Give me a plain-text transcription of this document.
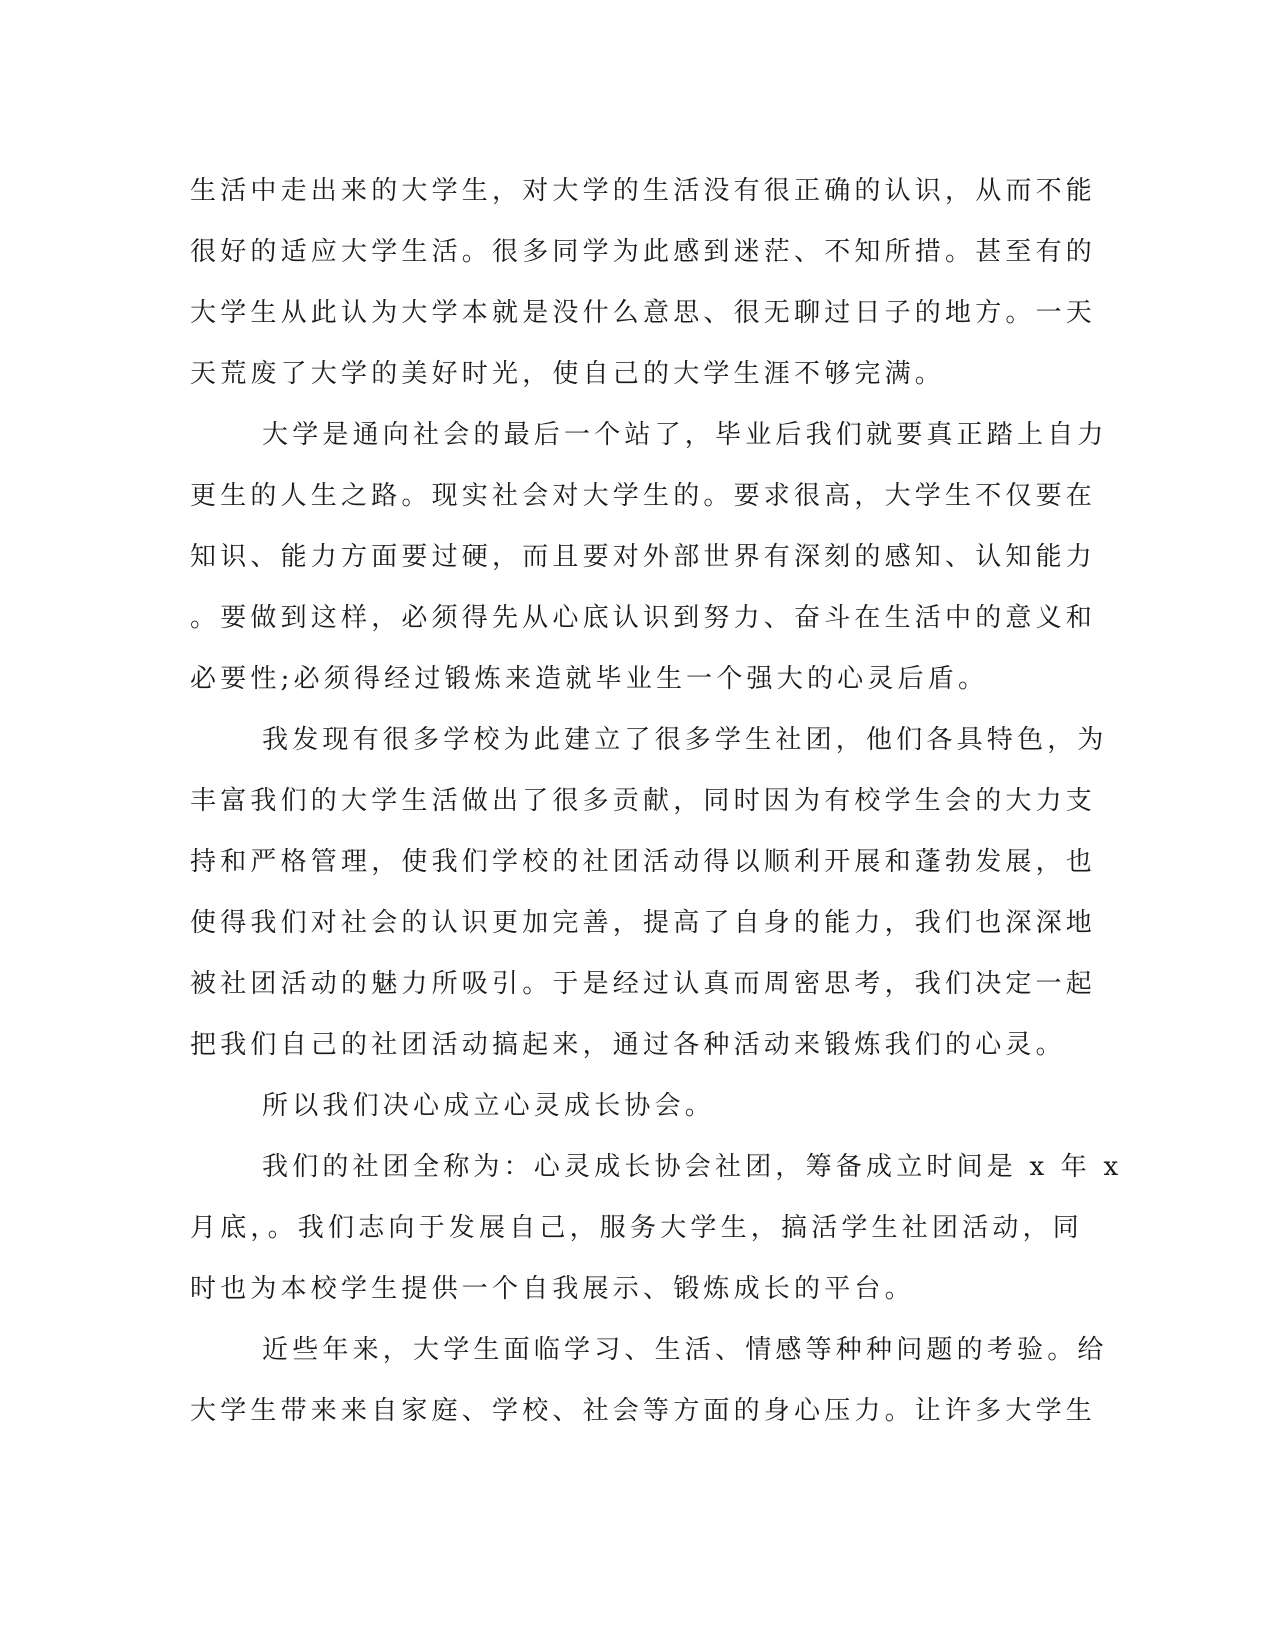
生活中走出来的大学生，对大学的生活没有很正确的认识，从而不能
很好的适应大学生活。很多同学为此感到迷茫、不知所措。甚至有的
大学生从此认为大学本就是没什么意思、很无聊过日子的地方。一天
天荒废了大学的美好时光，使自己的大学生涯不够完满。
大学是通向社会的最后一个站了，毕业后我们就要真正踏上自力
更生的人生之路。现实社会对大学生的。要求很高，大学生不仅要在
知识、能力方面要过硬，而且要对外部世界有深刻的感知、认知能力
。要做到这样，必须得先从心底认识到努力、奋斗在生活中的意义和
必要性;必须得经过锻炼来造就毕业生一个强大的心灵后盾。
我发现有很多学校为此建立了很多学生社团，他们各具特色，为
丰富我们的大学生活做出了很多贡献，同时因为有校学生会的大力支
持和严格管理，使我们学校的社团活动得以顺利开展和蓬勃发展，也
使得我们对社会的认识更加完善，提高了自身的能力，我们也深深地
被社团活动的魅力所吸引。于是经过认真而周密思考，我们决定一起
把我们自己的社团活动搞起来，通过各种活动来锻炼我们的心灵。
所以我们决心成立心灵成长协会。
我们的社团全称为：心灵成长协会社团，筹备成立时间是 x 年 x
月底，。我们志向于发展自己，服务大学生，搞活学生社团活动，同
时也为本校学生提供一个自我展示、锻炼成长的平台。
近些年来，大学生面临学习、生活、情感等种种问题的考验。给
大学生带来来自家庭、学校、社会等方面的身心压力。让许多大学生
